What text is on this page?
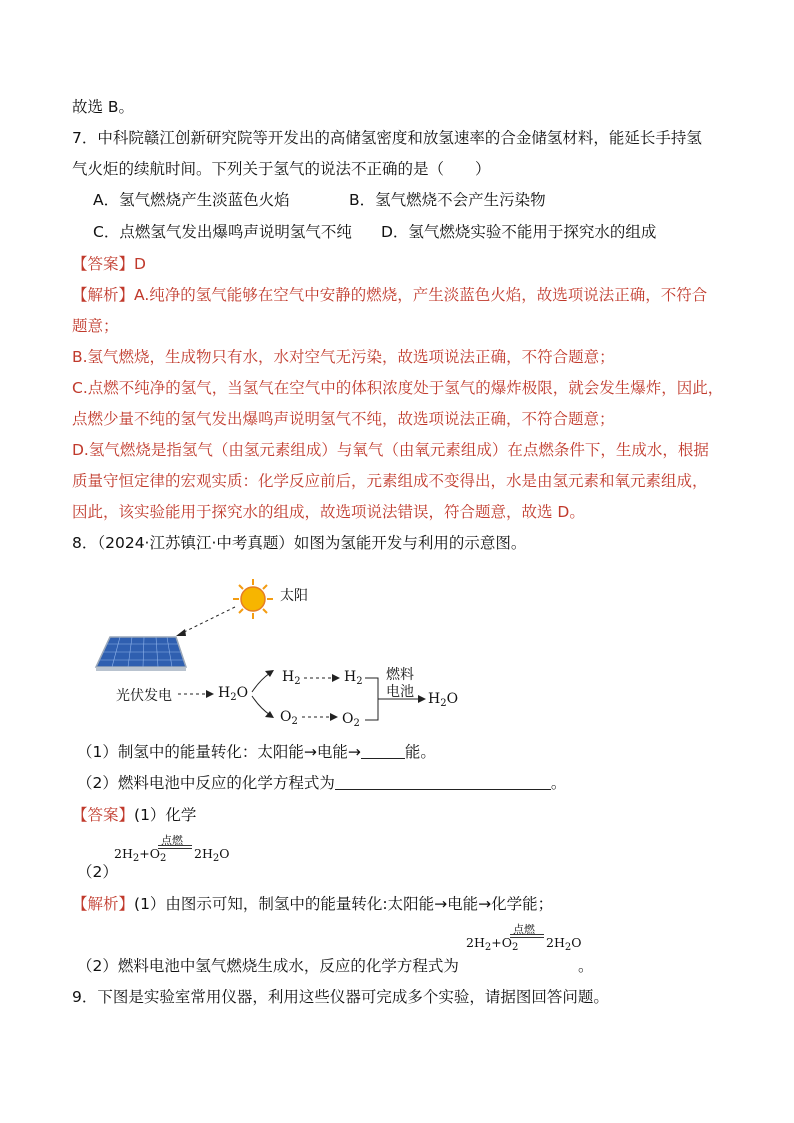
故选 B。
7．中科院赣江创新研究院等开发出的高储氢密度和放氢速率的合金储氢材料，能延长手持氢
气火炬的续航时间。下列关于氢气的说法不正确的是（　　）
A．氢气燃烧产生淡蓝色火焰	B．氢气燃烧不会产生污染物
C．点燃氢气发出爆鸣声说明氢气不纯 D．氢气燃烧实验不能用于探究水的组成
【答案】D
【解析】A.纯净的氢气能够在空气中安静的燃烧，产生淡蓝色火焰，故选项说法正确，不符合
题意；
B.氢气燃烧，生成物只有水，水对空气无污染，故选项说法正确，不符合题意；
C.点燃不纯净的氢气，当氢气在空气中的体积浓度处于氢气的爆炸极限，就会发生爆炸，因此，
点燃少量不纯的氢气发出爆鸣声说明氢气不纯，故选项说法正确，不符合题意；
D.氢气燃烧是指氢气（由氢元素组成）与氧气（由氧元素组成）在点燃条件下，生成水，根据
质量守恒定律的宏观实质：化学反应前后，元素组成不变得出，水是由氢元素和氧元素组成，
因此，该实验能用于探究水的组成，故选项说法错误，符合题意，故选 D。
8．（2024·江苏镇江·中考真题）如图为氢能开发与利用的示意图。
太阳
光伏发电	$H_2O$
$H_2$	$H_2$
$O_2$	$O_2$
燃料
电池 $H_2O$
（1）制氢中的能量转化：太阳能→电能→	能。
（2）燃料电池中反应的化学方程式为	。
【答案】(1）化学
点燃
$2H_2+O_2$ $2H_2O$
（2）
【解析】(1）由图示可知，制氢中的能量转化:太阳能→电能→化学能；
点燃
$2H_2+O_2$ $2H_2O$
（2）燃料电池中氢气燃烧生成水，反应的化学方程式为	。
9．下图是实验室常用仪器，利用这些仪器可完成多个实验，请据图回答问题。
